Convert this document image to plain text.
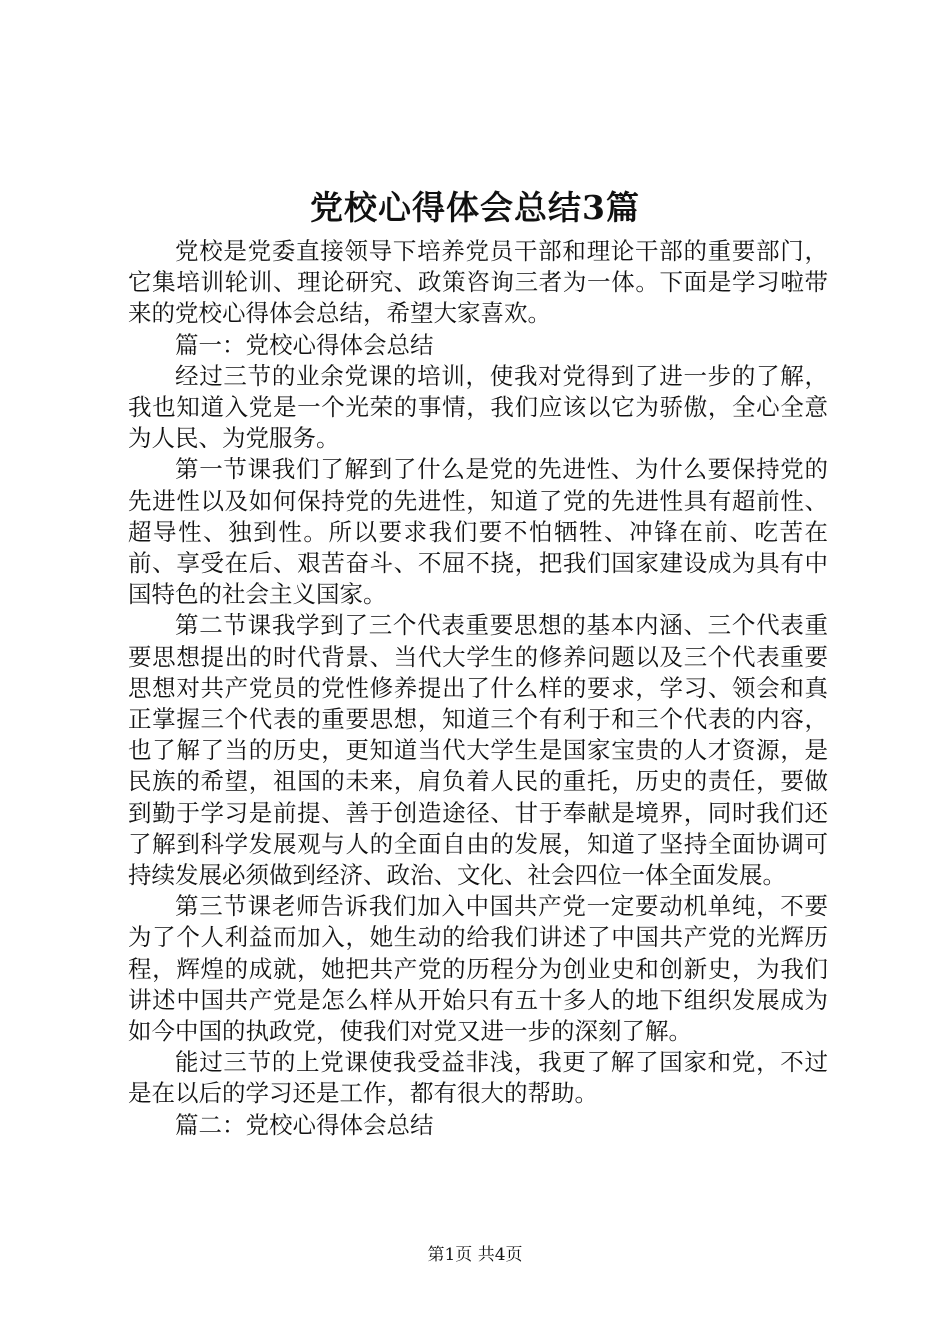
党校心得体会总结3篇

党校是党委直接领导下培养党员干部和理论干部的重要部门，它集培训轮训、理论研究、政策咨询三者为一体。下面是学习啦带来的党校心得体会总结，希望大家喜欢。

篇一：党校心得体会总结

经过三节的业余党课的培训，使我对党得到了进一步的了解，我也知道入党是一个光荣的事情，我们应该以它为骄傲，全心全意为人民、为党服务。

第一节课我们了解到了什么是党的先进性、为什么要保持党的先进性以及如何保持党的先进性，知道了党的先进性具有超前性、超导性、独到性。所以要求我们要不怕牺牲、冲锋在前、吃苦在前、享受在后、艰苦奋斗、不屈不挠，把我们国家建设成为具有中国特色的社会主义国家。

第二节课我学到了三个代表重要思想的基本内涵、三个代表重要思想提出的时代背景、当代大学生的修养问题以及三个代表重要思想对共产党员的党性修养提出了什么样的要求，学习、领会和真正掌握三个代表的重要思想，知道三个有利于和三个代表的内容，也了解了当的历史，更知道当代大学生是国家宝贵的人才资源，是民族的希望，祖国的未来，肩负着人民的重托，历史的责任，要做到勤于学习是前提、善于创造途径、甘于奉献是境界，同时我们还了解到科学发展观与人的全面自由的发展，知道了坚持全面协调可持续发展必须做到经济、政治、文化、社会四位一体全面发展。

第三节课老师告诉我们加入中国共产党一定要动机单纯，不要为了个人利益而加入，她生动的给我们讲述了中国共产党的光辉历程，辉煌的成就，她把共产党的历程分为创业史和创新史，为我们讲述中国共产党是怎么样从开始只有五十多人的地下组织发展成为如今中国的执政党，使我们对党又进一步的深刻了解。

能过三节的上党课使我受益非浅，我更了解了国家和党，不过是在以后的学习还是工作，都有很大的帮助。

篇二：党校心得体会总结

第1页 共4页
